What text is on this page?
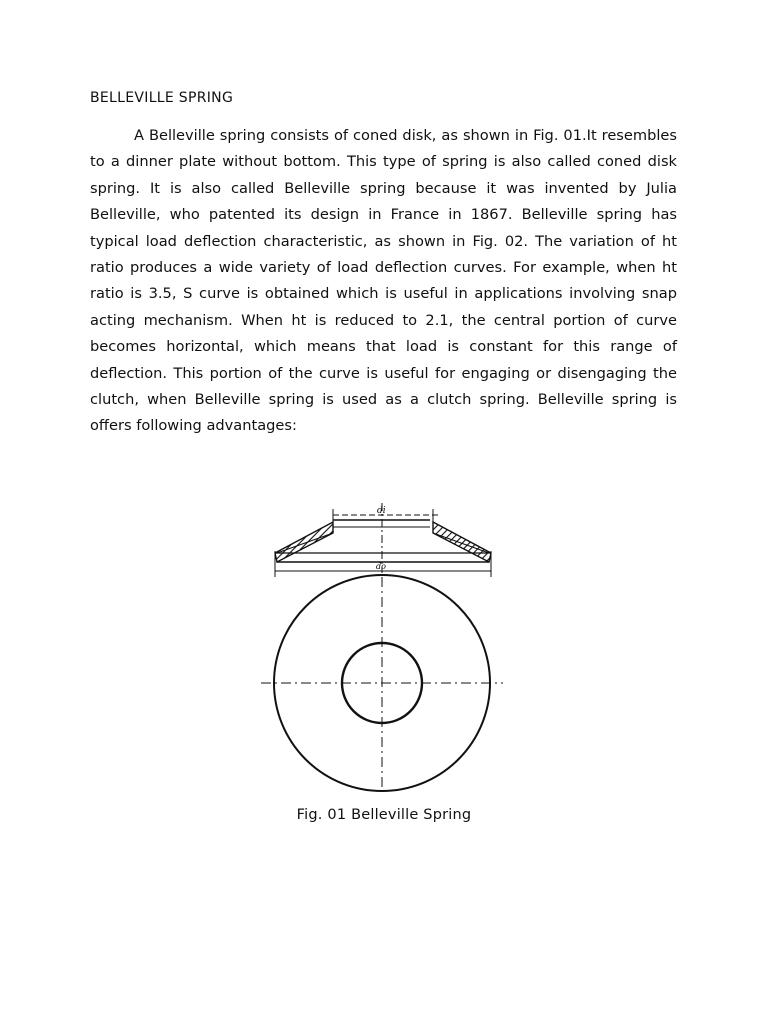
BELLEVILLE SPRING

A Belleville spring consists of coned disk, as shown in Fig. 01.It resembles to a dinner plate without bottom. This type of spring is also called coned disk spring. It is also called Belleville spring because it was invented by Julia Belleville, who patented its design in France in 1867. Belleville spring has typical load deflection characteristic, as shown in Fig. 02. The variation of ht ratio produces a wide variety of load deflection curves. For example, when ht ratio is 3.5, S curve is obtained which is useful in applications involving snap acting mechanism. When ht is reduced to 2.1, the central portion of curve becomes horizontal, which means that load is constant for this range of deflection. This portion of the curve is useful for engaging or disengaging the clutch, when Belleville spring is used as a clutch spring. Belleville spring is offers following advantages:

di
do

Fig. 01 Belleville Spring
